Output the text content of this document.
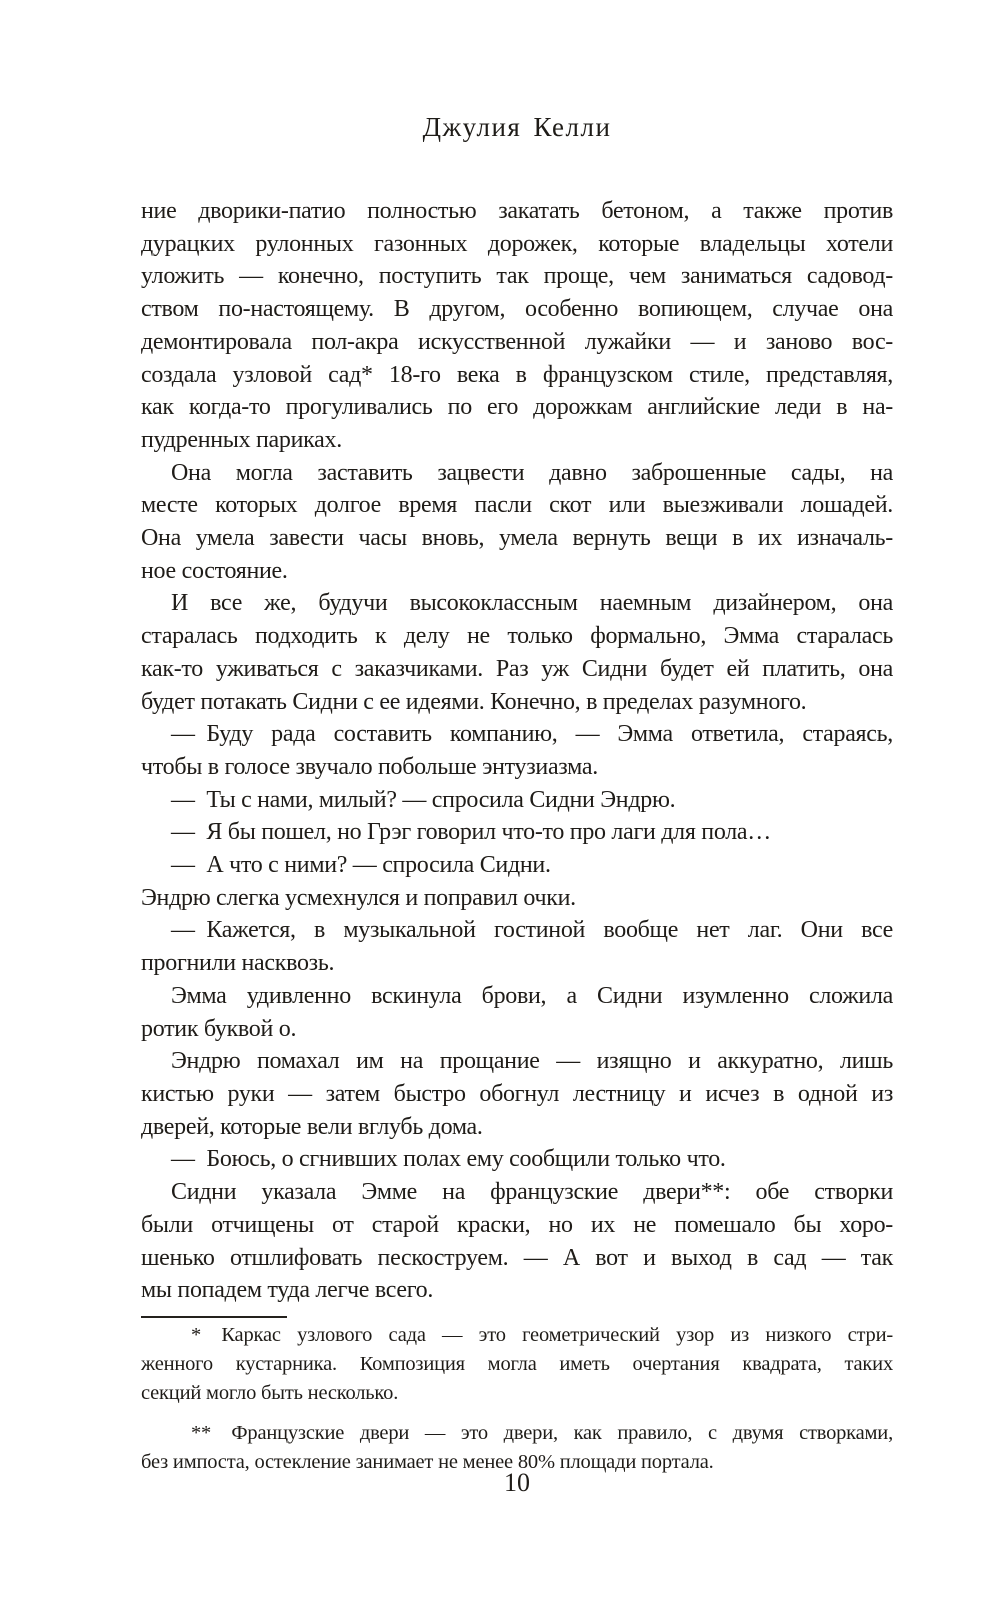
Джулия Келли
ние дворики-патио полностью закатать бетоном, а также против
дурацких рулонных газонных дорожек, которые владельцы хотели
уложить — конечно, поступить так проще, чем заниматься садовод-
ством по-настоящему. В другом, особенно вопиющем, случае она
демонтировала пол-акра искусственной лужайки — и заново вос-
создала узловой сад* 18-го века в французском стиле, представляя,
как когда-то прогуливались по его дорожкам английские леди в на-
пудренных париках.
Она могла заставить зацвести давно заброшенные сады, на
месте которых долгое время пасли скот или выезживали лошадей.
Она умела завести часы вновь, умела вернуть вещи в их изначаль-
ное состояние.
И все же, будучи высококлассным наемным дизайнером, она
старалась подходить к делу не только формально, Эмма старалась
как-то уживаться с заказчиками. Раз уж Сидни будет ей платить, она
будет потакать Сидни с ее идеями. Конечно, в пределах разумного.
— Буду рада составить компанию, — Эмма ответила, стараясь,
чтобы в голосе звучало побольше энтузиазма.
— Ты с нами, милый? — спросила Сидни Эндрю.
— Я бы пошел, но Грэг говорил что-то про лаги для пола…
— А что с ними? — спросила Сидни.
Эндрю слегка усмехнулся и поправил очки.
— Кажется, в музыкальной гостиной вообще нет лаг. Они все
прогнили насквозь.
Эмма удивленно вскинула брови, а Сидни изумленно сложила
ротик буквой о.
Эндрю помахал им на прощание — изящно и аккуратно, лишь
кистью руки — затем быстро обогнул лестницу и исчез в одной из
дверей, которые вели вглубь дома.
— Боюсь, о сгнивших полах ему сообщили только что.
Сидни указала Эмме на французские двери**: обе створки
были отчищены от старой краски, но их не помешало бы хоро-
шенько отшлифовать пескоструем. — А вот и выход в сад — так
мы попадем туда легче всего.
* Каркас узлового сада — это геометрический узор из низкого стри-
женного кустарника. Композиция могла иметь очертания квадрата, таких
секций могло быть несколько.
** Французские двери — это двери, как правило, с двумя створками,
без импоста, остекление занимает не менее 80% площади портала.
10
